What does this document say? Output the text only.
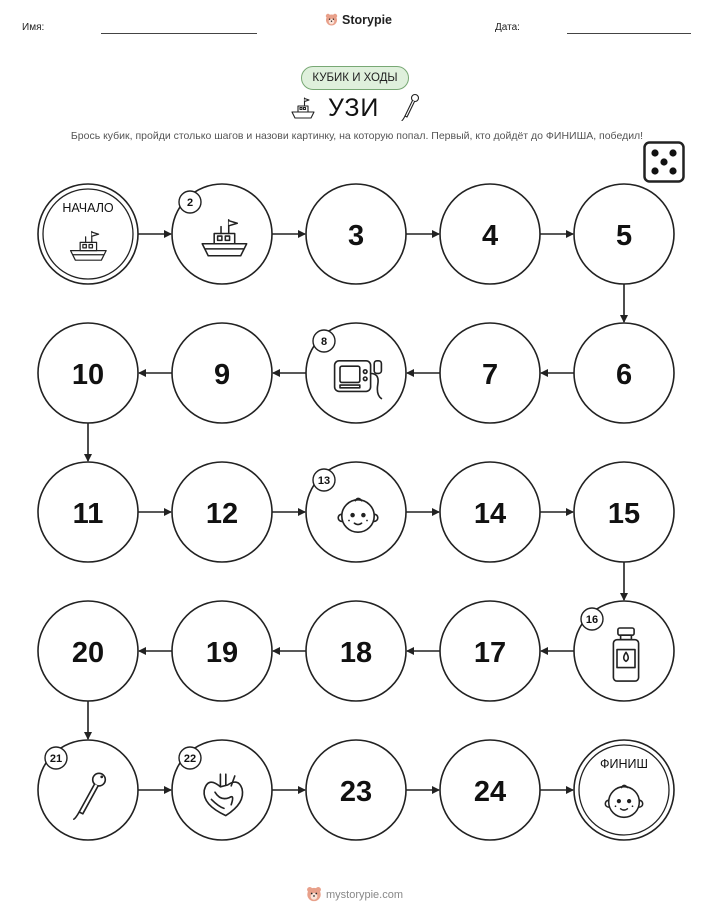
Имя:
Storypie
Дата:
КУБИК И ХОДЫ
УЗИ
Брось кубик, пройди столько шагов и назови картинку, на которую попал. Первый, кто дойдёт до ФИНИША, победил!
НАЧАЛО	2
3	4	5
6
7
8
9
10
11	12
13
14	15
16
17
18
19
20
21	22
23	24
ФИНИШ
mystorypie.com
